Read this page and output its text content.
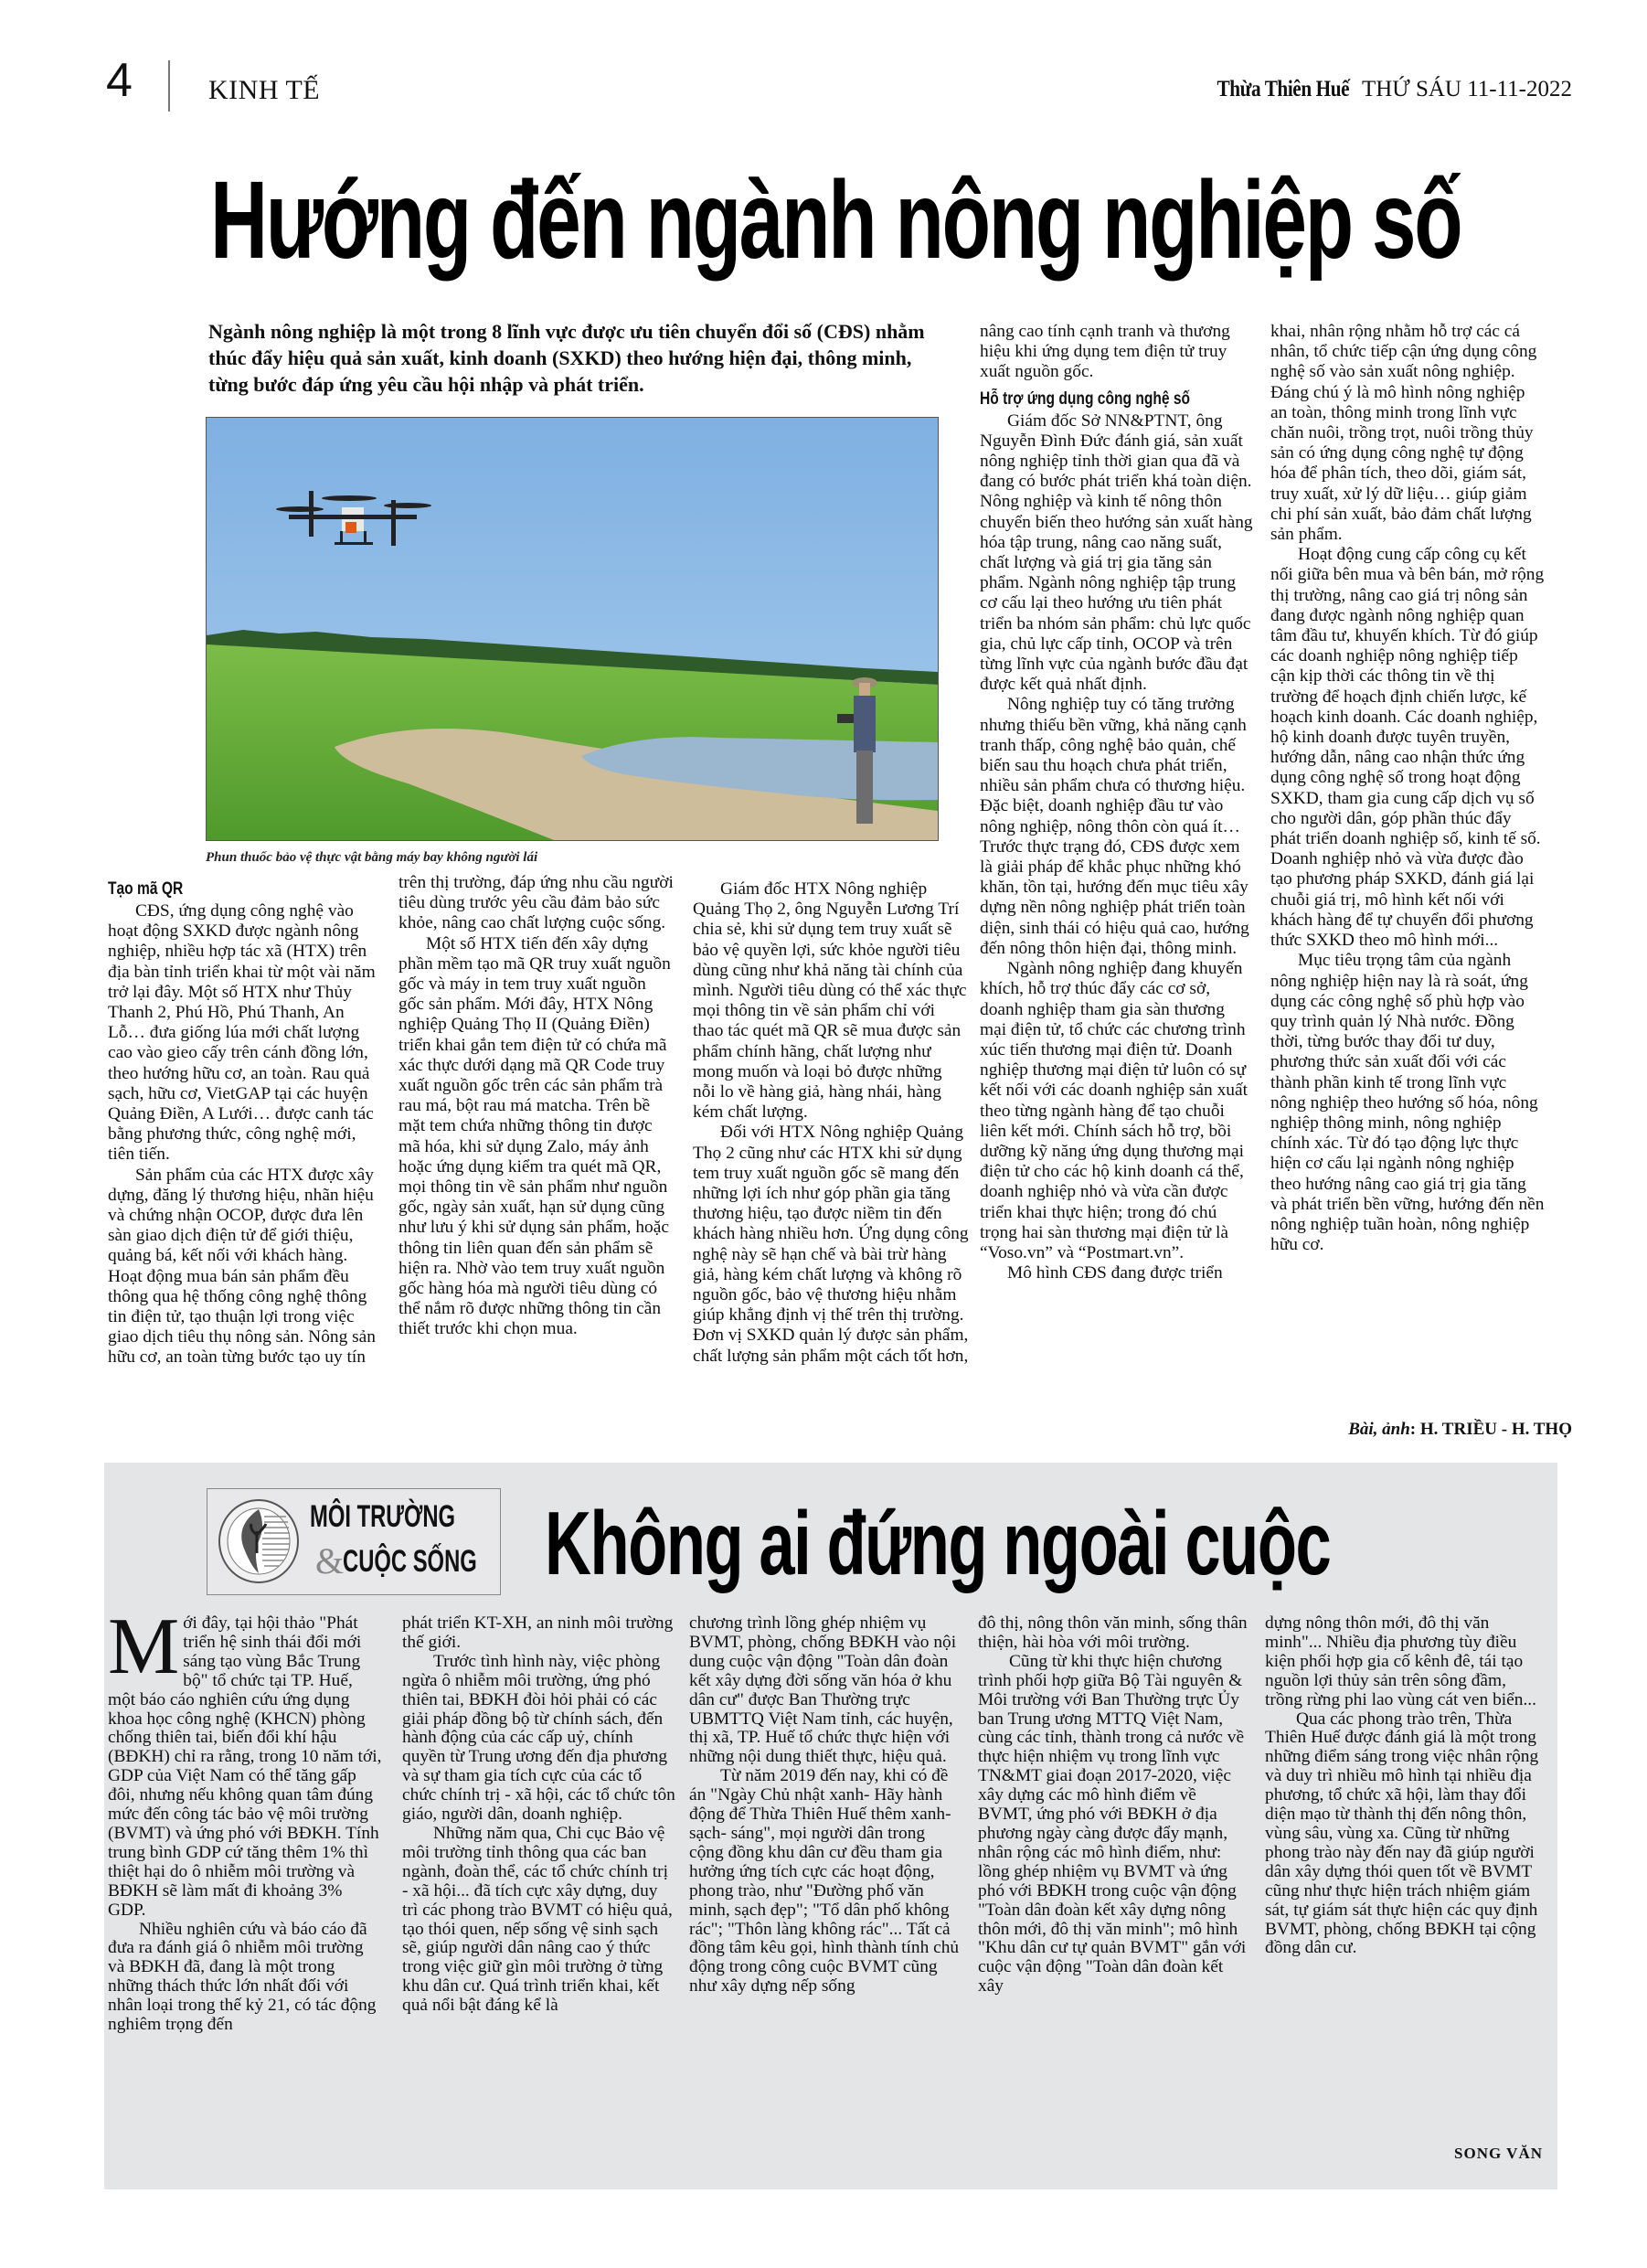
4	KINH TẾ	Thừa Thiên Huế THỨ SÁU 11-11-2022
Hướng đến ngành nông nghiệp số
Ngành nông nghiệp là một trong 8 lĩnh vực được ưu tiên chuyển đổi số (CĐS) nhằm thúc đẩy hiệu quả sản xuất, kinh doanh (SXKD) theo hướng hiện đại, thông minh, từng bước đáp ứng yêu cầu hội nhập và phát triển.
Phun thuốc bảo vệ thực vật bằng máy bay không người lái
Tạo mã QR

CĐS, ứng dụng công nghệ vào hoạt động SXKD được ngành nông nghiệp, nhiều hợp tác xã (HTX) trên địa bàn tỉnh triển khai từ một vài năm trở lại đây. Một số HTX như Thủy Thanh 2, Phú Hồ, Phú Thanh, An Lỗ… đưa giống lúa mới chất lượng cao vào gieo cấy trên cánh đồng lớn, theo hướng hữu cơ, an toàn. Rau quả sạch, hữu cơ, VietGAP tại các huyện Quảng Điền, A Lưới… được canh tác bằng phương thức, công nghệ mới, tiên tiến.

Sản phẩm của các HTX được xây dựng, đăng lý thương hiệu, nhãn hiệu và chứng nhận OCOP, được đưa lên sàn giao dịch điện tử để giới thiệu, quảng bá, kết nối với khách hàng. Hoạt động mua bán sản phẩm đều thông qua hệ thống công nghệ thông tin điện tử, tạo thuận lợi trong việc giao dịch tiêu thụ nông sản. Nông sản hữu cơ, an toàn từng bước tạo uy tín

trên thị trường, đáp ứng nhu cầu người tiêu dùng trước yêu cầu đảm bảo sức khỏe, nâng cao chất lượng cuộc sống.

Một số HTX tiến đến xây dựng phần mềm tạo mã QR truy xuất nguồn gốc và máy in tem truy xuất nguồn gốc sản phẩm. Mới đây, HTX Nông nghiệp Quảng Thọ II (Quảng Điền) triển khai gắn tem điện tử có chứa mã xác thực dưới dạng mã QR Code truy xuất nguồn gốc trên các sản phẩm trà rau má, bột rau má matcha. Trên bề mặt tem chứa những thông tin được mã hóa, khi sử dụng Zalo, máy ảnh hoặc ứng dụng kiểm tra quét mã QR, mọi thông tin về sản phẩm như nguồn gốc, ngày sản xuất, hạn sử dụng cũng như lưu ý khi sử dụng sản phẩm, hoặc thông tin liên quan đến sản phẩm sẽ hiện ra. Nhờ vào tem truy xuất nguồn gốc hàng hóa mà người tiêu dùng có thể nắm rõ được những thông tin cần thiết trước khi chọn mua.

Giám đốc HTX Nông nghiệp Quảng Thọ 2, ông Nguyễn Lương Trí chia sẻ, khi sử dụng tem truy xuất sẽ bảo vệ quyền lợi, sức khỏe người tiêu dùng cũng như khả năng tài chính của mình. Người tiêu dùng có thể xác thực mọi thông tin về sản phẩm chỉ với thao tác quét mã QR sẽ mua được sản phẩm chính hãng, chất lượng như mong muốn và loại bỏ được những nỗi lo về hàng giả, hàng nhái, hàng kém chất lượng.

Đối với HTX Nông nghiệp Quảng Thọ 2 cũng như các HTX khi sử dụng tem truy xuất nguồn gốc sẽ mang đến những lợi ích như góp phần gia tăng thương hiệu, tạo được niềm tin đến khách hàng nhiều hơn. Ứng dụng công nghệ này sẽ hạn chế và bài trừ hàng giả, hàng kém chất lượng và không rõ nguồn gốc, bảo vệ thương hiệu nhằm giúp khẳng định vị thế trên thị trường. Đơn vị SXKD quản lý được sản phẩm, chất lượng sản phẩm một cách tốt hơn,

nâng cao tính cạnh tranh và thương hiệu khi ứng dụng tem điện tử truy xuất nguồn gốc.

Hỗ trợ ứng dụng công nghệ số

Giám đốc Sở NN&PTNT, ông Nguyễn Đình Đức đánh giá, sản xuất nông nghiệp tỉnh thời gian qua đã và đang có bước phát triển khá toàn diện. Nông nghiệp và kinh tế nông thôn chuyển biến theo hướng sản xuất hàng hóa tập trung, nâng cao năng suất, chất lượng và giá trị gia tăng sản phẩm. Ngành nông nghiệp tập trung cơ cấu lại theo hướng ưu tiên phát triển ba nhóm sản phẩm: chủ lực quốc gia, chủ lực cấp tỉnh, OCOP và trên từng lĩnh vực của ngành bước đầu đạt được kết quả nhất định.

Nông nghiệp tuy có tăng trưởng nhưng thiếu bền vững, khả năng cạnh tranh thấp, công nghệ bảo quản, chế biến sau thu hoạch chưa phát triển, nhiều sản phẩm chưa có thương hiệu. Đặc biệt, doanh nghiệp đầu tư vào nông nghiệp, nông thôn còn quá ít… Trước thực trạng đó, CĐS được xem là giải pháp để khắc phục những khó khăn, tồn tại, hướng đến mục tiêu xây dựng nền nông nghiệp phát triển toàn diện, sinh thái có hiệu quả cao, hướng đến nông thôn hiện đại, thông minh.

Ngành nông nghiệp đang khuyến khích, hỗ trợ thúc đẩy các cơ sở, doanh nghiệp tham gia sàn thương mại điện tử, tổ chức các chương trình xúc tiến thương mại điện tử. Doanh nghiệp thương mại điện tử luôn có sự kết nối với các doanh nghiệp sản xuất theo từng ngành hàng để tạo chuỗi liên kết mới. Chính sách hỗ trợ, bồi dưỡng kỹ năng ứng dụng thương mại điện tử cho các hộ kinh doanh cá thể, doanh nghiệp nhỏ và vừa cần được triển khai thực hiện; trong đó chú trọng hai sàn thương mại điện tử là “Voso.vn” và “Postmart.vn”.

Mô hình CĐS đang được triển

khai, nhân rộng nhằm hỗ trợ các cá nhân, tổ chức tiếp cận ứng dụng công nghệ số vào sản xuất nông nghiệp. Đáng chú ý là mô hình nông nghiệp an toàn, thông minh trong lĩnh vực chăn nuôi, trồng trọt, nuôi trồng thủy sản có ứng dụng công nghệ tự động hóa để phân tích, theo dõi, giám sát, truy xuất, xử lý dữ liệu… giúp giảm chi phí sản xuất, bảo đảm chất lượng sản phẩm.

Hoạt động cung cấp công cụ kết nối giữa bên mua và bên bán, mở rộng thị trường, nâng cao giá trị nông sản đang được ngành nông nghiệp quan tâm đầu tư, khuyến khích. Từ đó giúp các doanh nghiệp nông nghiệp tiếp cận kịp thời các thông tin về thị trường để hoạch định chiến lược, kế hoạch kinh doanh. Các doanh nghiệp, hộ kinh doanh được tuyên truyền, hướng dẫn, nâng cao nhận thức ứng dụng công nghệ số trong hoạt động SXKD, tham gia cung cấp dịch vụ số cho người dân, góp phần thúc đẩy phát triển doanh nghiệp số, kinh tế số. Doanh nghiệp nhỏ và vừa được đào tạo phương pháp SXKD, đánh giá lại chuỗi giá trị, mô hình kết nối với khách hàng để tự chuyển đổi phương thức SXKD theo mô hình mới...

Mục tiêu trọng tâm của ngành nông nghiệp hiện nay là rà soát, ứng dụng các công nghệ số phù hợp vào quy trình quản lý Nhà nước. Đồng thời, từng bước thay đổi tư duy, phương thức sản xuất đối với các thành phần kinh tế trong lĩnh vực nông nghiệp theo hướng số hóa, nông nghiệp thông minh, nông nghiệp chính xác. Từ đó tạo động lực thực hiện cơ cấu lại ngành nông nghiệp theo hướng nâng cao giá trị gia tăng và phát triển bền vững, hướng đến nền nông nghiệp tuần hoàn, nông nghiệp hữu cơ.

Bài, ảnh: H. TRIỀU - H. THỌ
MÔI TRƯỜNG
&
CUỘC SỐNG Không ai đứng ngoài cuộc

Mới đây, tại hội thảo "Phát triển hệ sinh thái đổi mới sáng tạo vùng Bắc Trung bộ" tổ chức tại TP. Huế, một báo cáo nghiên cứu ứng dụng khoa học công nghệ (KHCN) phòng chống thiên tai, biến đổi khí hậu (BĐKH) chỉ ra rằng, trong 10 năm tới, GDP của Việt Nam có thể tăng gấp đôi, nhưng nếu không quan tâm đúng mức đến công tác bảo vệ môi trường (BVMT) và ứng phó với BĐKH. Tính trung bình GDP cứ tăng thêm 1% thì thiệt hại do ô nhiễm môi trường và BĐKH sẽ làm mất đi khoảng 3% GDP.

Nhiều nghiên cứu và báo cáo đã đưa ra đánh giá ô nhiễm môi trường và BĐKH đã, đang là một trong những thách thức lớn nhất đối với nhân loại trong thế kỷ 21, có tác động nghiêm trọng đến

phát triển KT-XH, an ninh môi trường thế giới.

Trước tình hình này, việc phòng ngừa ô nhiễm môi trường, ứng phó thiên tai, BĐKH đòi hỏi phải có các giải pháp đồng bộ từ chính sách, đến hành động của các cấp uỷ, chính quyền từ Trung ương đến địa phương và sự tham gia tích cực của các tổ chức chính trị - xã hội, các tổ chức tôn giáo, người dân, doanh nghiệp.

Những năm qua, Chi cục Bảo vệ môi trường tỉnh thông qua các ban ngành, đoàn thể, các tổ chức chính trị - xã hội... đã tích cực xây dựng, duy trì các phong trào BVMT có hiệu quả, tạo thói quen, nếp sống vệ sinh sạch sẽ, giúp người dân nâng cao ý thức trong việc giữ gìn môi trường ở từng khu dân cư. Quá trình triển khai, kết quả nổi bật đáng kể là

chương trình lồng ghép nhiệm vụ BVMT, phòng, chống BĐKH vào nội dung cuộc vận động "Toàn dân đoàn kết xây dựng đời sống văn hóa ở khu dân cư" được Ban Thường trực UBMTTQ Việt Nam tỉnh, các huyện, thị xã, TP. Huế tổ chức thực hiện với những nội dung thiết thực, hiệu quả.

Từ năm 2019 đến nay, khi có đề án "Ngày Chủ nhật xanh- Hãy hành động để Thừa Thiên Huế thêm xanh- sạch- sáng", mọi người dân trong cộng đồng khu dân cư đều tham gia hưởng ứng tích cực các hoạt động, phong trào, như "Đường phố văn minh, sạch đẹp"; "Tổ dân phố không rác"; "Thôn làng không rác"... Tất cả đồng tâm kêu gọi, hình thành tính chủ động trong công cuộc BVMT cũng như xây dựng nếp sống

đô thị, nông thôn văn minh, sống thân thiện, hài hòa với môi trường.

Cũng từ khi thực hiện chương trình phối hợp giữa Bộ Tài nguyên & Môi trường với Ban Thường trực Ủy ban Trung ương MTTQ Việt Nam, cùng các tỉnh, thành trong cả nước về thực hiện nhiệm vụ trong lĩnh vực TN&MT giai đoạn 2017-2020, việc xây dựng các mô hình điểm về BVMT, ứng phó với BĐKH ở địa phương ngày càng được đẩy mạnh, nhân rộng các mô hình điểm, như: lồng ghép nhiệm vụ BVMT và ứng phó với BĐKH trong cuộc vận động "Toàn dân đoàn kết xây dựng nông thôn mới, đô thị văn minh"; mô hình "Khu dân cư tự quản BVMT" gắn với cuộc vận động "Toàn dân đoàn kết xây

dựng nông thôn mới, đô thị văn minh"... Nhiều địa phương tùy điều kiện phối hợp gia cố kênh đê, tái tạo nguồn lợi thủy sản trên sông đầm, trồng rừng phi lao vùng cát ven biển...

Qua các phong trào trên, Thừa Thiên Huế được đánh giá là một trong những điểm sáng trong việc nhân rộng và duy trì nhiều mô hình tại nhiều địa phương, tổ chức xã hội, làm thay đổi diện mạo từ thành thị đến nông thôn, vùng sâu, vùng xa. Cũng từ những phong trào này đến nay đã giúp người dân xây dựng thói quen tốt về BVMT cũng như thực hiện trách nhiệm giám sát, tự giám sát thực hiện các quy định BVMT, phòng, chống BĐKH tại cộng đồng dân cư.

SONG VĂN
